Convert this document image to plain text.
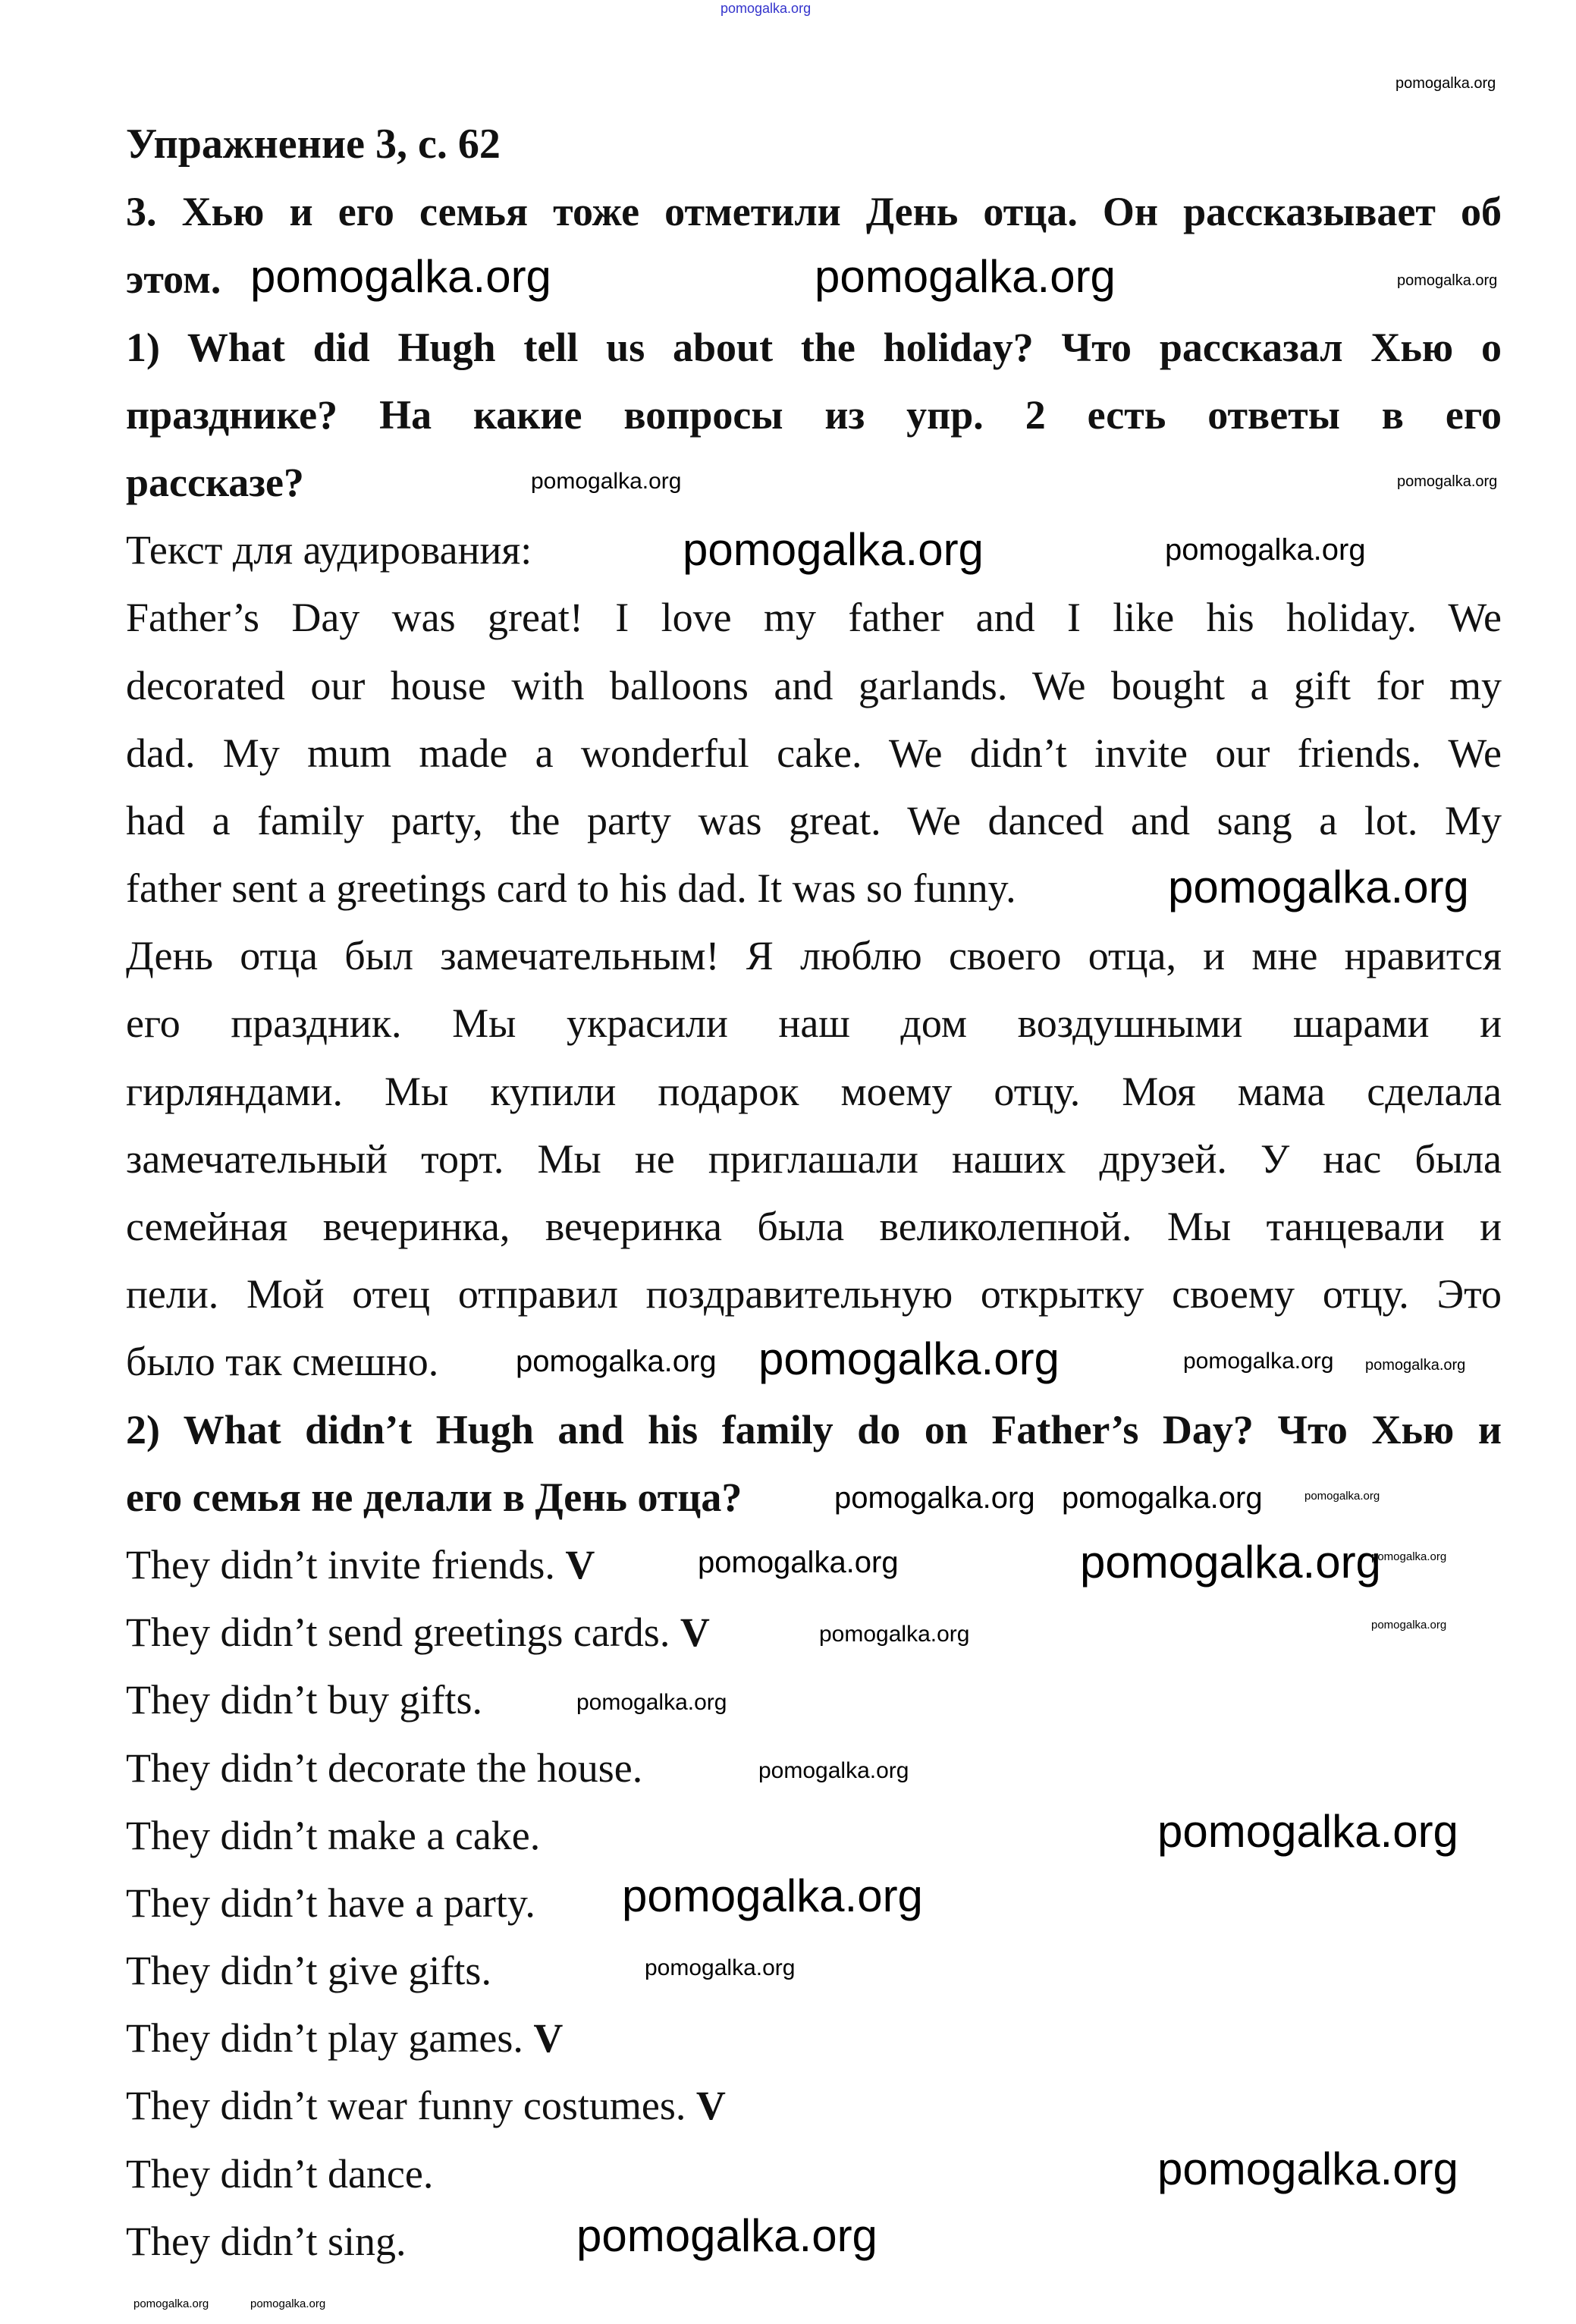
Упражнение 3, с. 62
3. Хью и его семья тоже отметили День отца. Он рассказывает об
этом.
1) What did Hugh tell us about the holiday? Что рассказал Хью о
празднике? На какие вопросы из упр. 2 есть ответы в его
рассказе?
Текст для аудирования:
Father’s Day was great! I love my father and I like his holiday. We
decorated our house with balloons and garlands. We bought a gift for my
dad. My mum made a wonderful cake. We didn’t invite our friends. We
had a family party, the party was great. We danced and sang a lot. My
father sent a greetings card to his dad. It was so funny.
День отца был замечательным! Я люблю своего отца, и мне нравится
его праздник. Мы украсили наш дом воздушными шарами и
гирляндами. Мы купили подарок моему отцу. Моя мама сделала
замечательный торт. Мы не приглашали наших друзей. У нас была
семейная вечеринка, вечеринка была великолепной. Мы танцевали и
пели. Мой отец отправил поздравительную открытку своему отцу. Это
было так смешно.
2) What didn’t Hugh and his family do on Father’s Day? Что Хью и
его семья не делали в День отца?
They didn’t invite friends. V
They didn’t send greetings cards. V
They didn’t buy gifts.
They didn’t decorate the house.
They didn’t make a cake.
They didn’t have a party.
They didn’t give gifts.
They didn’t play games. V
They didn’t wear funny costumes. V
They didn’t dance.
They didn’t sing.
pomogalka.org
pomogalka.org
pomogalka.org	pomogalka.org	pomogalka.org
pomogalka.org
pomogalka.org
pomogalka.org	pomogalka.org
pomogalka.org
pomogalka.org pomogalka.org	pomogalka.org pomogalka.org
pomogalka.org pomogalka.org	pomogalka.org
pomogalka.org	pomogalka.org
pomogalka.org
pomogalka.org	pomogalka.org
pomogalka.org
pomogalka.org
pomogalka.org
pomogalka.org
pomogalka.org
pomogalka.org
pomogalka.org
pomogalka.org	pomogalka.org
